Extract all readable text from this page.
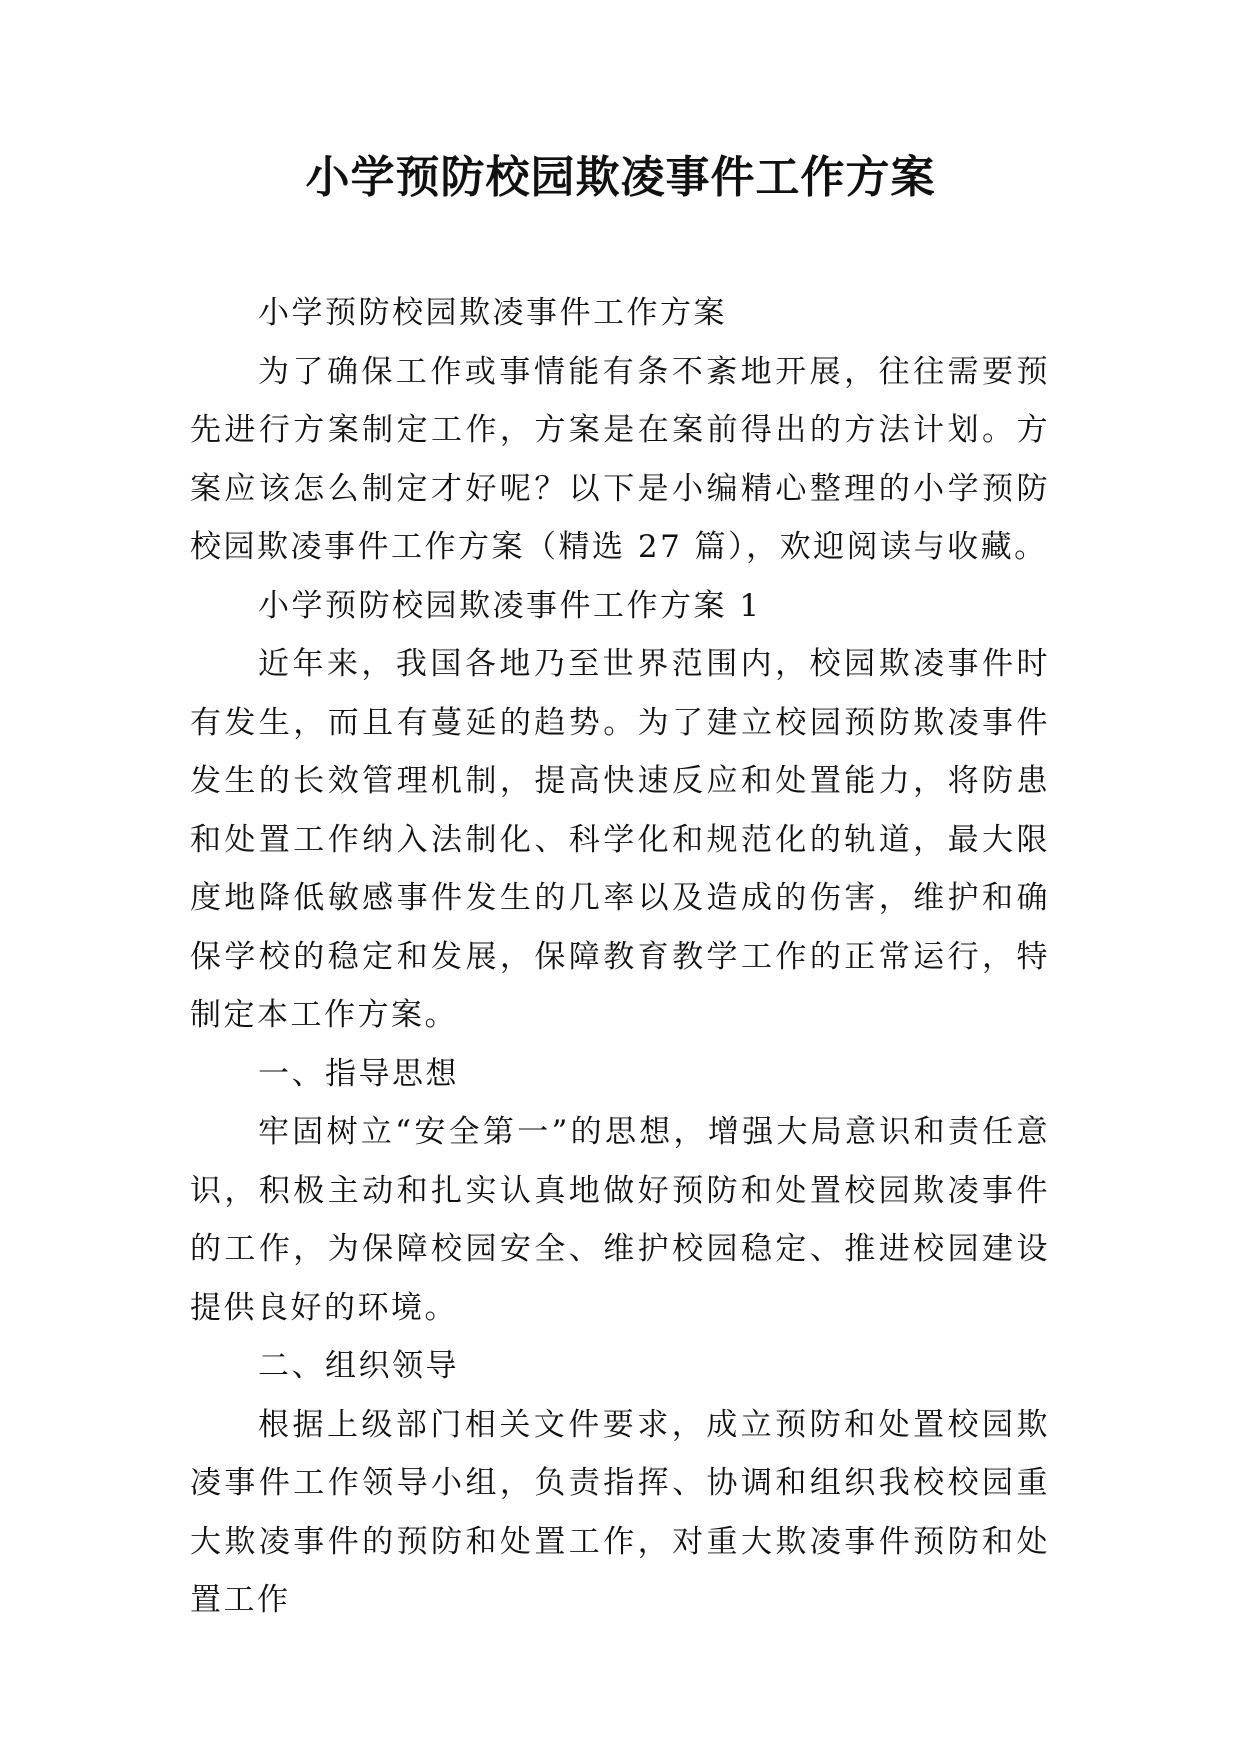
小学预防校园欺凌事件工作方案

小学预防校园欺凌事件工作方案

为了确保工作或事情能有条不紊地开展，往往需要预先进行方案制定工作，方案是在案前得出的方法计划。方案应该怎么制定才好呢？以下是小编精心整理的小学预防校园欺凌事件工作方案（精选 27 篇），欢迎阅读与收藏。

小学预防校园欺凌事件工作方案 1

近年来，我国各地乃至世界范围内，校园欺凌事件时有发生，而且有蔓延的趋势。为了建立校园预防欺凌事件发生的长效管理机制，提高快速反应和处置能力，将防患和处置工作纳入法制化、科学化和规范化的轨道，最大限度地降低敏感事件发生的几率以及造成的伤害，维护和确保学校的稳定和发展，保障教育教学工作的正常运行，特制定本工作方案。

一、指导思想

牢固树立“安全第一”的思想，增强大局意识和责任意识，积极主动和扎实认真地做好预防和处置校园欺凌事件的工作，为保障校园安全、维护校园稳定、推进校园建设提供良好的环境。

二、组织领导

根据上级部门相关文件要求，成立预防和处置校园欺凌事件工作领导小组，负责指挥、协调和组织我校校园重大欺凌事件的预防和处置工作，对重大欺凌事件预防和处置工作
